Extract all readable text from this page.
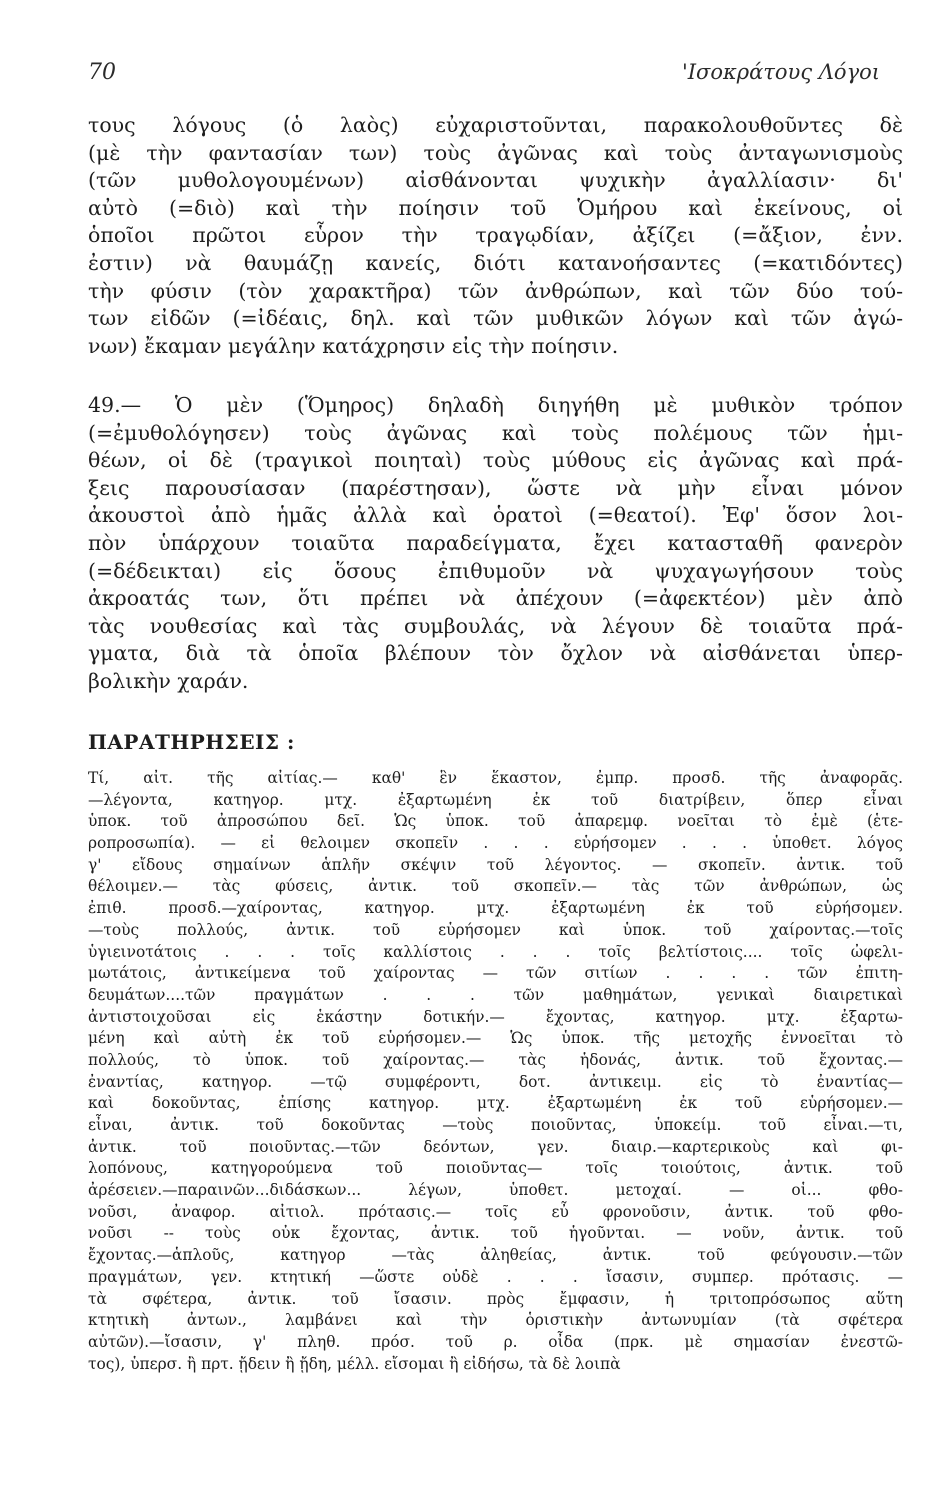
70	'Ισοκράτους Λόγοι
τους λόγους (ὁ λαὸς) εὐχαριστοῦνται, παρακολουθοῦντες δὲ
(μὲ τὴν φαντασίαν των) τοὺς ἀγῶνας καὶ τοὺς ἀνταγωνισμοὺς
(τῶν μυθολογουμένων) αἰσθάνονται ψυχικὴν ἀγαλλίασιν· δι'
αὐτὸ (=διὸ) καὶ τὴν ποίησιν τοῦ Ὁμήρου καὶ ἐκείνους, οἱ
ὁποῖοι πρῶτοι εὗρον τὴν τραγῳδίαν, ἀξίζει (=ἄξιον, ἐνν.
ἐστιν) νὰ θαυμάζῃ κανείς, διότι κατανοήσαντες (=κατιδόντες)
τὴν φύσιν (τὸν χαρακτῆρα) τῶν ἀνθρώπων, καὶ τῶν δύο τού-
των εἰδῶν (=ἰδέαις, δηλ. καὶ τῶν μυθικῶν λόγων καὶ τῶν ἀγώ-
νων) ἔκαμαν μεγάλην κατάχρησιν εἰς τὴν ποίησιν.
49.— Ὁ μὲν (Ὅμηρος) δηλαδὴ διηγήθη μὲ μυθικὸν τρόπον
(=ἐμυθολόγησεν) τοὺς ἀγῶνας καὶ τοὺς πολέμους τῶν ἡμι-
θέων, οἱ δὲ (τραγικοὶ ποιηταὶ) τοὺς μύθους εἰς ἀγῶνας καὶ πρά-
ξεις παρουσίασαν (παρέστησαν), ὥστε νὰ μὴν εἶναι μόνον
ἀκουστοὶ ἀπὸ ἡμᾶς ἀλλὰ καὶ ὁρατοὶ (=θεατοί). Ἐφ' ὅσον λοι-
πὸν ὑπάρχουν τοιαῦτα παραδείγματα, ἔχει κατασταθῆ φανερὸν
(=δέδεικται) εἰς ὅσους ἐπιθυμοῦν νὰ ψυχαγωγήσουν τοὺς
ἀκροατάς των, ὅτι πρέπει νὰ ἀπέχουν (=ἀφεκτέον) μὲν ἀπὸ
τὰς νουθεσίας καὶ τὰς συμβουλάς, νὰ λέγουν δὲ τοιαῦτα πρά-
γματα, διὰ τὰ ὁποῖα βλέπουν τὸν ὄχλον νὰ αἰσθάνεται ὑπερ-
βολικὴν χαράν.
ΠΑΡΑΤΗΡΗΣΕΙΣ :
Τί, αἰτ. τῆς αἰτίας.— καθ' ἓν ἕκαστον, ἐμπρ. προσδ. τῆς ἀναφορᾶς.
—λέγοντα, κατηγορ. μτχ. ἐξαρτωμένη ἐκ τοῦ διατρίβειν, ὅπερ εἶναι
ὑποκ. τοῦ ἀπροσώπου δεῖ. Ὡς ὑποκ. τοῦ ἀπαρεμφ. νοεῖται τὸ ἐμὲ (ἑτε-
ροπροσωπία). — εἰ θελοιμεν σκοπεῖν . . . εὑρήσομεν . . . ὑποθετ. λόγος
γ' εἴδους σημαίνων ἁπλῆν σκέψιν τοῦ λέγοντος. — σκοπεῖν. ἀντικ. τοῦ
θέλοιμεν.— τὰς φύσεις, ἀντικ. τοῦ σκοπεῖν.— τὰς τῶν ἀνθρώπων, ὡς
ἐπιθ. προσδ.—χαίροντας, κατηγορ. μτχ. ἐξαρτωμένη ἐκ τοῦ εὑρήσομεν.
—τοὺς πολλούς, ἀντικ. τοῦ εὑρήσομεν καὶ ὑποκ. τοῦ χαίροντας.—τοῖς
ὑγιεινοτάτοις . . . τοῖς καλλίστοις . . . τοῖς βελτίστοις.... τοῖς ὠφελι-
μωτάτοις, ἀντικείμενα τοῦ χαίροντας — τῶν σιτίων . . . . τῶν ἐπιτη-
δευμάτων....τῶν πραγμάτων . . . τῶν μαθημάτων, γενικαὶ διαιρετικαὶ
ἀντιστοιχοῦσαι εἰς ἑκάστην δοτικήν.— ἔχοντας, κατηγορ. μτχ. ἐξαρτω-
μένη καὶ αὐτὴ ἐκ τοῦ εὑρήσομεν.— Ὡς ὑποκ. τῆς μετοχῆς ἐννοεῖται τὸ
πολλούς, τὸ ὑποκ. τοῦ χαίροντας.— τὰς ἡδονάς, ἀντικ. τοῦ ἔχοντας.—
ἐναντίας, κατηγορ. —τῷ συμφέροντι, δοτ. ἀντικειμ. εἰς τὸ ἐναντίας—
καὶ δοκοῦντας, ἐπίσης κατηγορ. μτχ. ἐξαρτωμένη ἐκ τοῦ εὑρήσομεν.—
εἶναι, ἀντικ. τοῦ δοκοῦντας —τοὺς ποιοῦντας, ὑποκείμ. τοῦ εἶναι.—τι,
ἀντικ. τοῦ ποιοῦντας.—τῶν δεόντων, γεν. διαιρ.—καρτερικοὺς καὶ φι-
λοπόνους, κατηγορούμενα τοῦ ποιοῦντας— τοῖς τοιούτοις, ἀντικ. τοῦ
ἀρέσειεν.—παραινῶν...διδάσκων... λέγων, ὑποθετ. μετοχαί. — οἱ... φθο-
νοῦσι, ἀναφορ. αἰτιολ. πρότασις.— τοῖς εὖ φρονοῦσιν, ἀντικ. τοῦ φθο-
νοῦσι -- τοὺς οὐκ ἔχοντας, ἀντικ. τοῦ ἡγοῦνται. — νοῦν, ἀντικ. τοῦ
ἔχοντας.—ἁπλοῦς, κατηγορ —τὰς ἀληθείας, ἀντικ. τοῦ φεύγουσιν.—τῶν
πραγμάτων, γεν. κτητική —ὥστε οὐδὲ . . . ἴσασιν, συμπερ. πρότασις. —
τὰ σφέτερα, ἀντικ. τοῦ ἴσασιν. πρὸς ἔμφασιν, ἡ τριτοπρόσωπος αὕτη
κτητικὴ ἀντων., λαμβάνει καὶ τὴν ὁριστικὴν ἀντωνυμίαν (τὰ σφέτερα
αὐτῶν).—ἴσασιν, γ' πληθ. πρόσ. τοῦ ρ. οἶδα (πρκ. μὲ σημασίαν ἐνεστῶ-
τος), ὑπερσ. ἢ πρτ. ᾔδειν ἢ ᾔδη, μέλλ. εἴσομαι ἢ εἰδήσω, τὰ δὲ λοιπὰ
